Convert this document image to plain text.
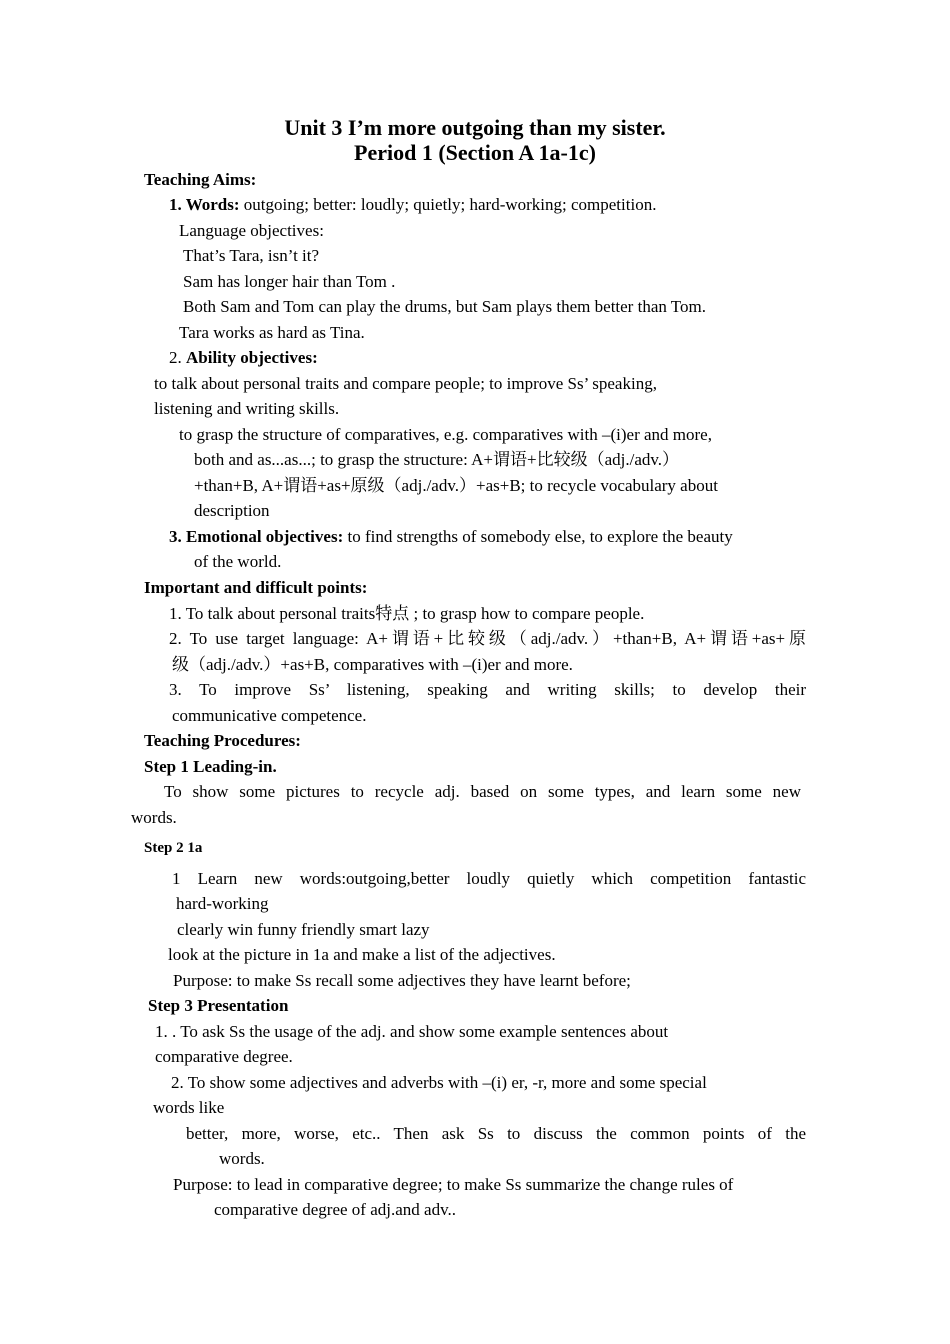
Unit 3 I’m more outgoing than my sister.
Period 1 (Section A 1a-1c)
Teaching Aims:
1. Words: outgoing; better: loudly; quietly; hard-working; competition.
Language objectives:
That’s Tara, isn’t it?
Sam has longer hair than Tom .
Both Sam and Tom can play the drums, but Sam plays them better than Tom.
Tara works as hard as Tina.
2. Ability objectives:
to talk about personal traits and compare people; to improve Ss’ speaking,
listening and writing skills.
to grasp the structure of comparatives, e.g. comparatives with –(i)er and more,
both and as...as...; to grasp the structure: A+谓语+比较级（adj./adv.）
+than+B, A+谓语+as+原级（adj./adv.）+as+B; to recycle vocabulary about
description
3. Emotional objectives: to find strengths of somebody else, to explore the beauty
of the world.
Important and difficult points:
1. To talk about personal traits特点 ; to grasp how to compare people.
2. To use target language: A+谓语+比较级（adj./adv.）+than+B, A+谓语+as+原
级（adj./adv.）+as+B, comparatives with –(i)er and more.
3. To improve Ss’ listening, speaking and writing skills; to develop their
communicative competence.
Teaching Procedures:
Step 1 Leading-in.
To show some pictures to recycle adj. based on some types, and learn some new
words.
Step 2 1a
1 Learn new words:outgoing,better loudly quietly which competition fantastic
hard-working
clearly win funny friendly smart lazy
look at the picture in 1a and make a list of the adjectives.
Purpose: to make Ss recall some adjectives they have learnt before;
Step 3 Presentation
1. . To ask Ss the usage of the adj. and show some example sentences about
comparative degree.
2. To show some adjectives and adverbs with –(i) er, -r, more and some special
words like
better, more, worse, etc.. Then ask Ss to discuss the common points of the
words.
Purpose: to lead in comparative degree; to make Ss summarize the change rules of
comparative degree of adj.and adv..
